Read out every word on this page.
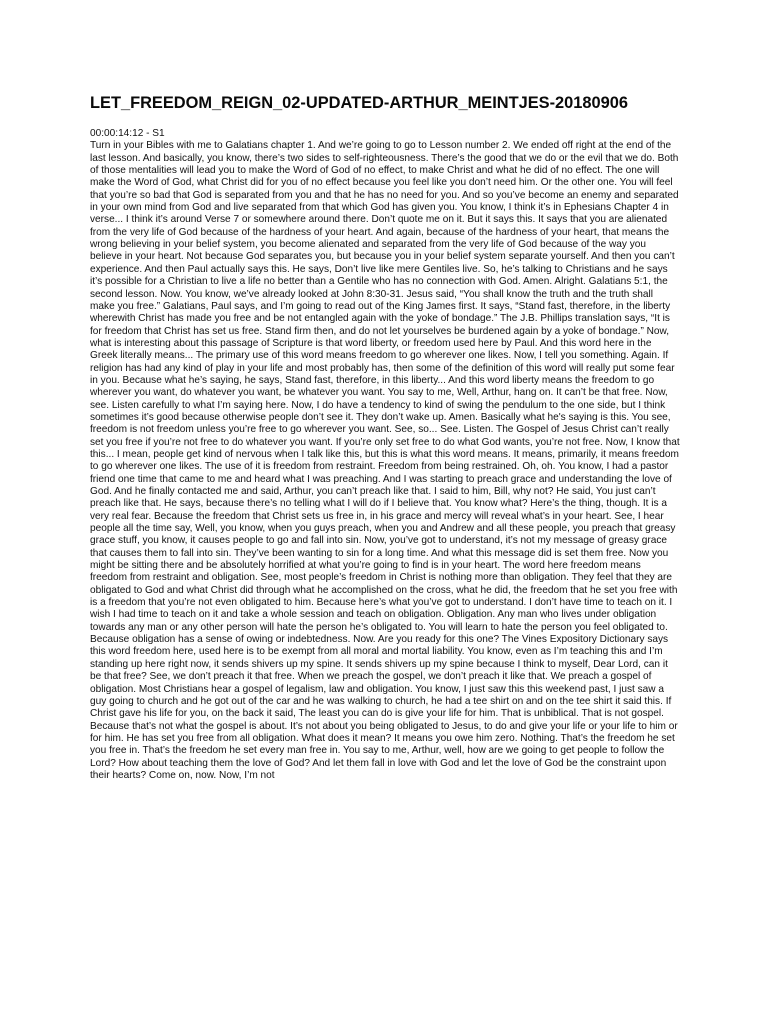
LET_FREEDOM_REIGN_02-UPDATED-ARTHUR_MEINTJES-20180906

00:00:14:12 - S1

Turn in your Bibles with me to Galatians chapter 1. And we’re going to go to Lesson number 2. We ended off right at the end of the last lesson. And basically, you know, there’s two sides to self-righteousness. There’s the good that we do or the evil that we do. Both of those mentalities will lead you to make the Word of God of no effect, to make Christ and what he did of no effect. The one will make the Word of God, what Christ did for you of no effect because you feel like you don’t need him. Or the other one. You will feel that you’re so bad that God is separated from you and that he has no need for you. And so you’ve become an enemy and separated in your own mind from God and live separated from that which God has given you. You know, I think it’s in Ephesians Chapter 4 in verse... I think it’s around Verse 7 or somewhere around there. Don’t quote me on it. But it says this. It says that you are alienated from the very life of God because of the hardness of your heart. And again, because of the hardness of your heart, that means the wrong believing in your belief system, you become alienated and separated from the very life of God because of the way you believe in your heart. Not because God separates you, but because you in your belief system separate yourself. And then you can’t experience. And then Paul actually says this. He says, Don’t live like mere Gentiles live. So, he’s talking to Christians and he says it’s possible for a Christian to live a life no better than a Gentile who has no connection with God. Amen. Alright. Galatians 5:1, the second lesson. Now. You know, we’ve already looked at John 8:30-31. Jesus said, “You shall know the truth and the truth shall make you free.” Galatians, Paul says, and I’m going to read out of the King James first. It says, “Stand fast, therefore, in the liberty wherewith Christ has made you free and be not entangled again with the yoke of bondage.” The J.B. Phillips translation says, “It is for freedom that Christ has set us free. Stand firm then, and do not let yourselves be burdened again by a yoke of bondage.” Now, what is interesting about this passage of Scripture is that word liberty, or freedom used here by Paul. And this word here in the Greek literally means... The primary use of this word means freedom to go wherever one likes. Now, I tell you something. Again. If religion has had any kind of play in your life and most probably has, then some of the definition of this word will really put some fear in you. Because what he’s saying, he says, Stand fast, therefore, in this liberty... And this word liberty means the freedom to go wherever you want, do whatever you want, be whatever you want. You say to me, Well, Arthur, hang on. It can’t be that free. Now, see. Listen carefully to what I’m saying here. Now, I do have a tendency to kind of swing the pendulum to the one side, but I think sometimes it’s good because otherwise people don’t see it. They don’t wake up. Amen. Basically what he's saying is this. You see, freedom is not freedom unless you’re free to go wherever you want. See, so... See. Listen. The Gospel of Jesus Christ can’t really set you free if you’re not free to do whatever you want. If you’re only set free to do what God wants, you’re not free. Now, I know that this... I mean, people get kind of nervous when I talk like this, but this is what this word means. It means, primarily, it means freedom to go wherever one likes. The use of it is freedom from restraint. Freedom from being restrained. Oh, oh. You know, I had a pastor friend one time that came to me and heard what I was preaching. And I was starting to preach grace and understanding the love of God. And he finally contacted me and said, Arthur, you can’t preach like that. I said to him, Bill, why not? He said, You just can’t preach like that. He says, because there’s no telling what I will do if I believe that. You know what? Here’s the thing, though. It is a very real fear. Because the freedom that Christ sets us free in, in his grace and mercy will reveal what’s in your heart. See, I hear people all the time say, Well, you know, when you guys preach, when you and Andrew and all these people, you preach that greasy grace stuff, you know, it causes people to go and fall into sin. Now, you’ve got to understand, it’s not my message of greasy grace that causes them to fall into sin. They’ve been wanting to sin for a long time. And what this message did is set them free. Now you might be sitting there and be absolutely horrified at what you’re going to find is in your heart. The word here freedom means freedom from restraint and obligation. See, most people’s freedom in Christ is nothing more than obligation. They feel that they are obligated to God and what Christ did through what he accomplished on the cross, what he did, the freedom that he set you free with is a freedom that you’re not even obligated to him. Because here’s what you’ve got to understand. I don’t have time to teach on it. I wish I had time to teach on it and take a whole session and teach on obligation. Obligation. Any man who lives under obligation towards any man or any other person will hate the person he’s obligated to. You will learn to hate the person you feel obligated to. Because obligation has a sense of owing or indebtedness. Now. Are you ready for this one? The Vines Expository Dictionary says this word freedom here, used here is to be exempt from all moral and mortal liability. You know, even as I’m teaching this and I’m standing up here right now, it sends shivers up my spine. It sends shivers up my spine because I think to myself, Dear Lord, can it be that free? See, we don’t preach it that free. When we preach the gospel, we don’t preach it like that. We preach a gospel of obligation. Most Christians hear a gospel of legalism, law and obligation. You know, I just saw this this weekend past, I just saw a guy going to church and he got out of the car and he was walking to church, he had a tee shirt on and on the tee shirt it said this. If Christ gave his life for you, on the back it said, The least you can do is give your life for him. That is unbiblical. That is not gospel. Because that’s not what the gospel is about. It’s not about you being obligated to Jesus, to do and give your life or your life to him or for him. He has set you free from all obligation. What does it mean? It means you owe him zero. Nothing. That’s the freedom he set you free in. That’s the freedom he set every man free in. You say to me, Arthur, well, how are we going to get people to follow the Lord? How about teaching them the love of God? And let them fall in love with God and let the love of God be the constraint upon their hearts? Come on, now. Now, I’m not
